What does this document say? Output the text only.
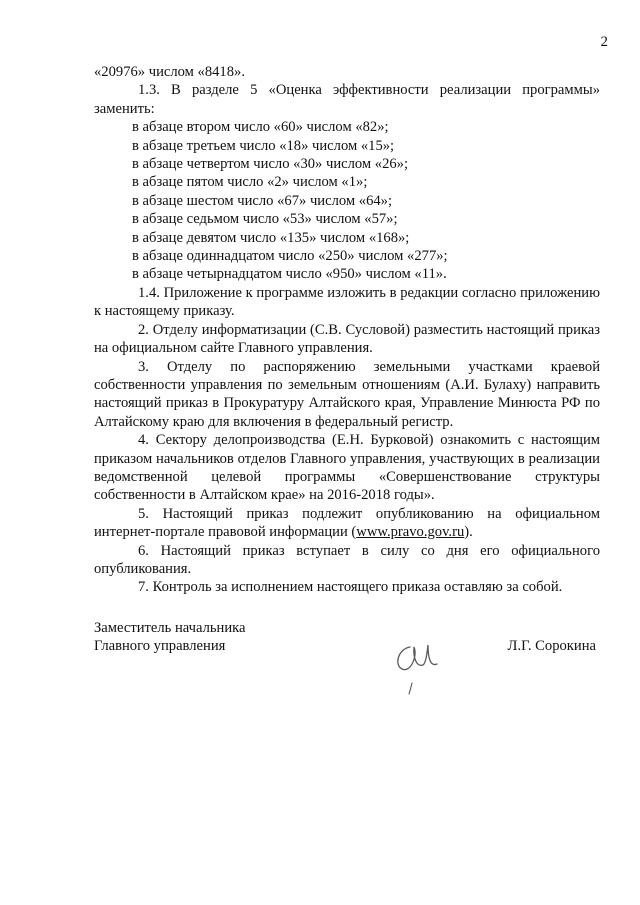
2

«20976» числом «8418».

1.3. В разделе 5 «Оценка эффективности реализации программы» заменить:

в абзаце втором число «60» числом «82»;

в абзаце третьем число «18» числом «15»;

в абзаце четвертом число «30» числом «26»;

в абзаце пятом число «2» числом «1»;

в абзаце шестом число «67» числом «64»;

в абзаце седьмом число «53» числом «57»;

в абзаце девятом число «135» числом «168»;

в абзаце одиннадцатом число «250» числом «277»;

в абзаце четырнадцатом число «950» числом «11».

1.4. Приложение к программе изложить в редакции согласно приложению к настоящему приказу.

2. Отделу информатизации (С.В. Сусловой) разместить настоящий приказ на официальном сайте Главного управления.

3. Отделу по распоряжению земельными участками краевой собственности управления по земельным отношениям (А.И. Булаху) направить настоящий приказ в Прокуратуру Алтайского края, Управление Минюста РФ по Алтайскому краю для включения в федеральный регистр.

4. Сектору делопроизводства (Е.Н. Бурковой) ознакомить с настоящим приказом начальников отделов Главного управления, участвующих в реализации ведомственной целевой программы «Совершенствование структуры собственности в Алтайском крае» на 2016-2018 годы».

5. Настоящий приказ подлежит опубликованию на официальном интернет-портале правовой информации (www.pravo.gov.ru).

6. Настоящий приказ вступает в силу со дня его официального опубликования.

7. Контроль за исполнением настоящего приказа оставляю за собой.

Заместитель начальника
Главного управления	Л.Г. Сорокина
